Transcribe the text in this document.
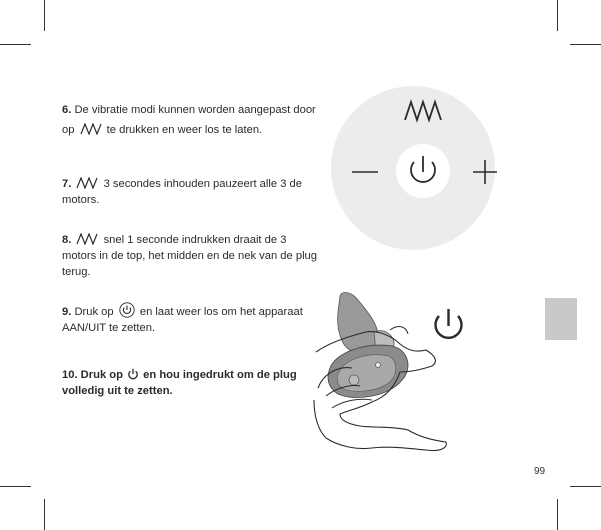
6. De vibratie modi kunnen worden aangepast door op	te drukken en weer los te laten.
7.	3 secondes inhouden pauzeert alle 3 de motors.
8.	snel 1 seconde indrukken draait de 3 motors in de top, het midden en de nek van de plug terug.
9. Druk op en laat weer los om het apparaat AAN/UIT te zetten.
10. Druk op en hou ingedrukt om de plug volledig uit te zetten.
99
